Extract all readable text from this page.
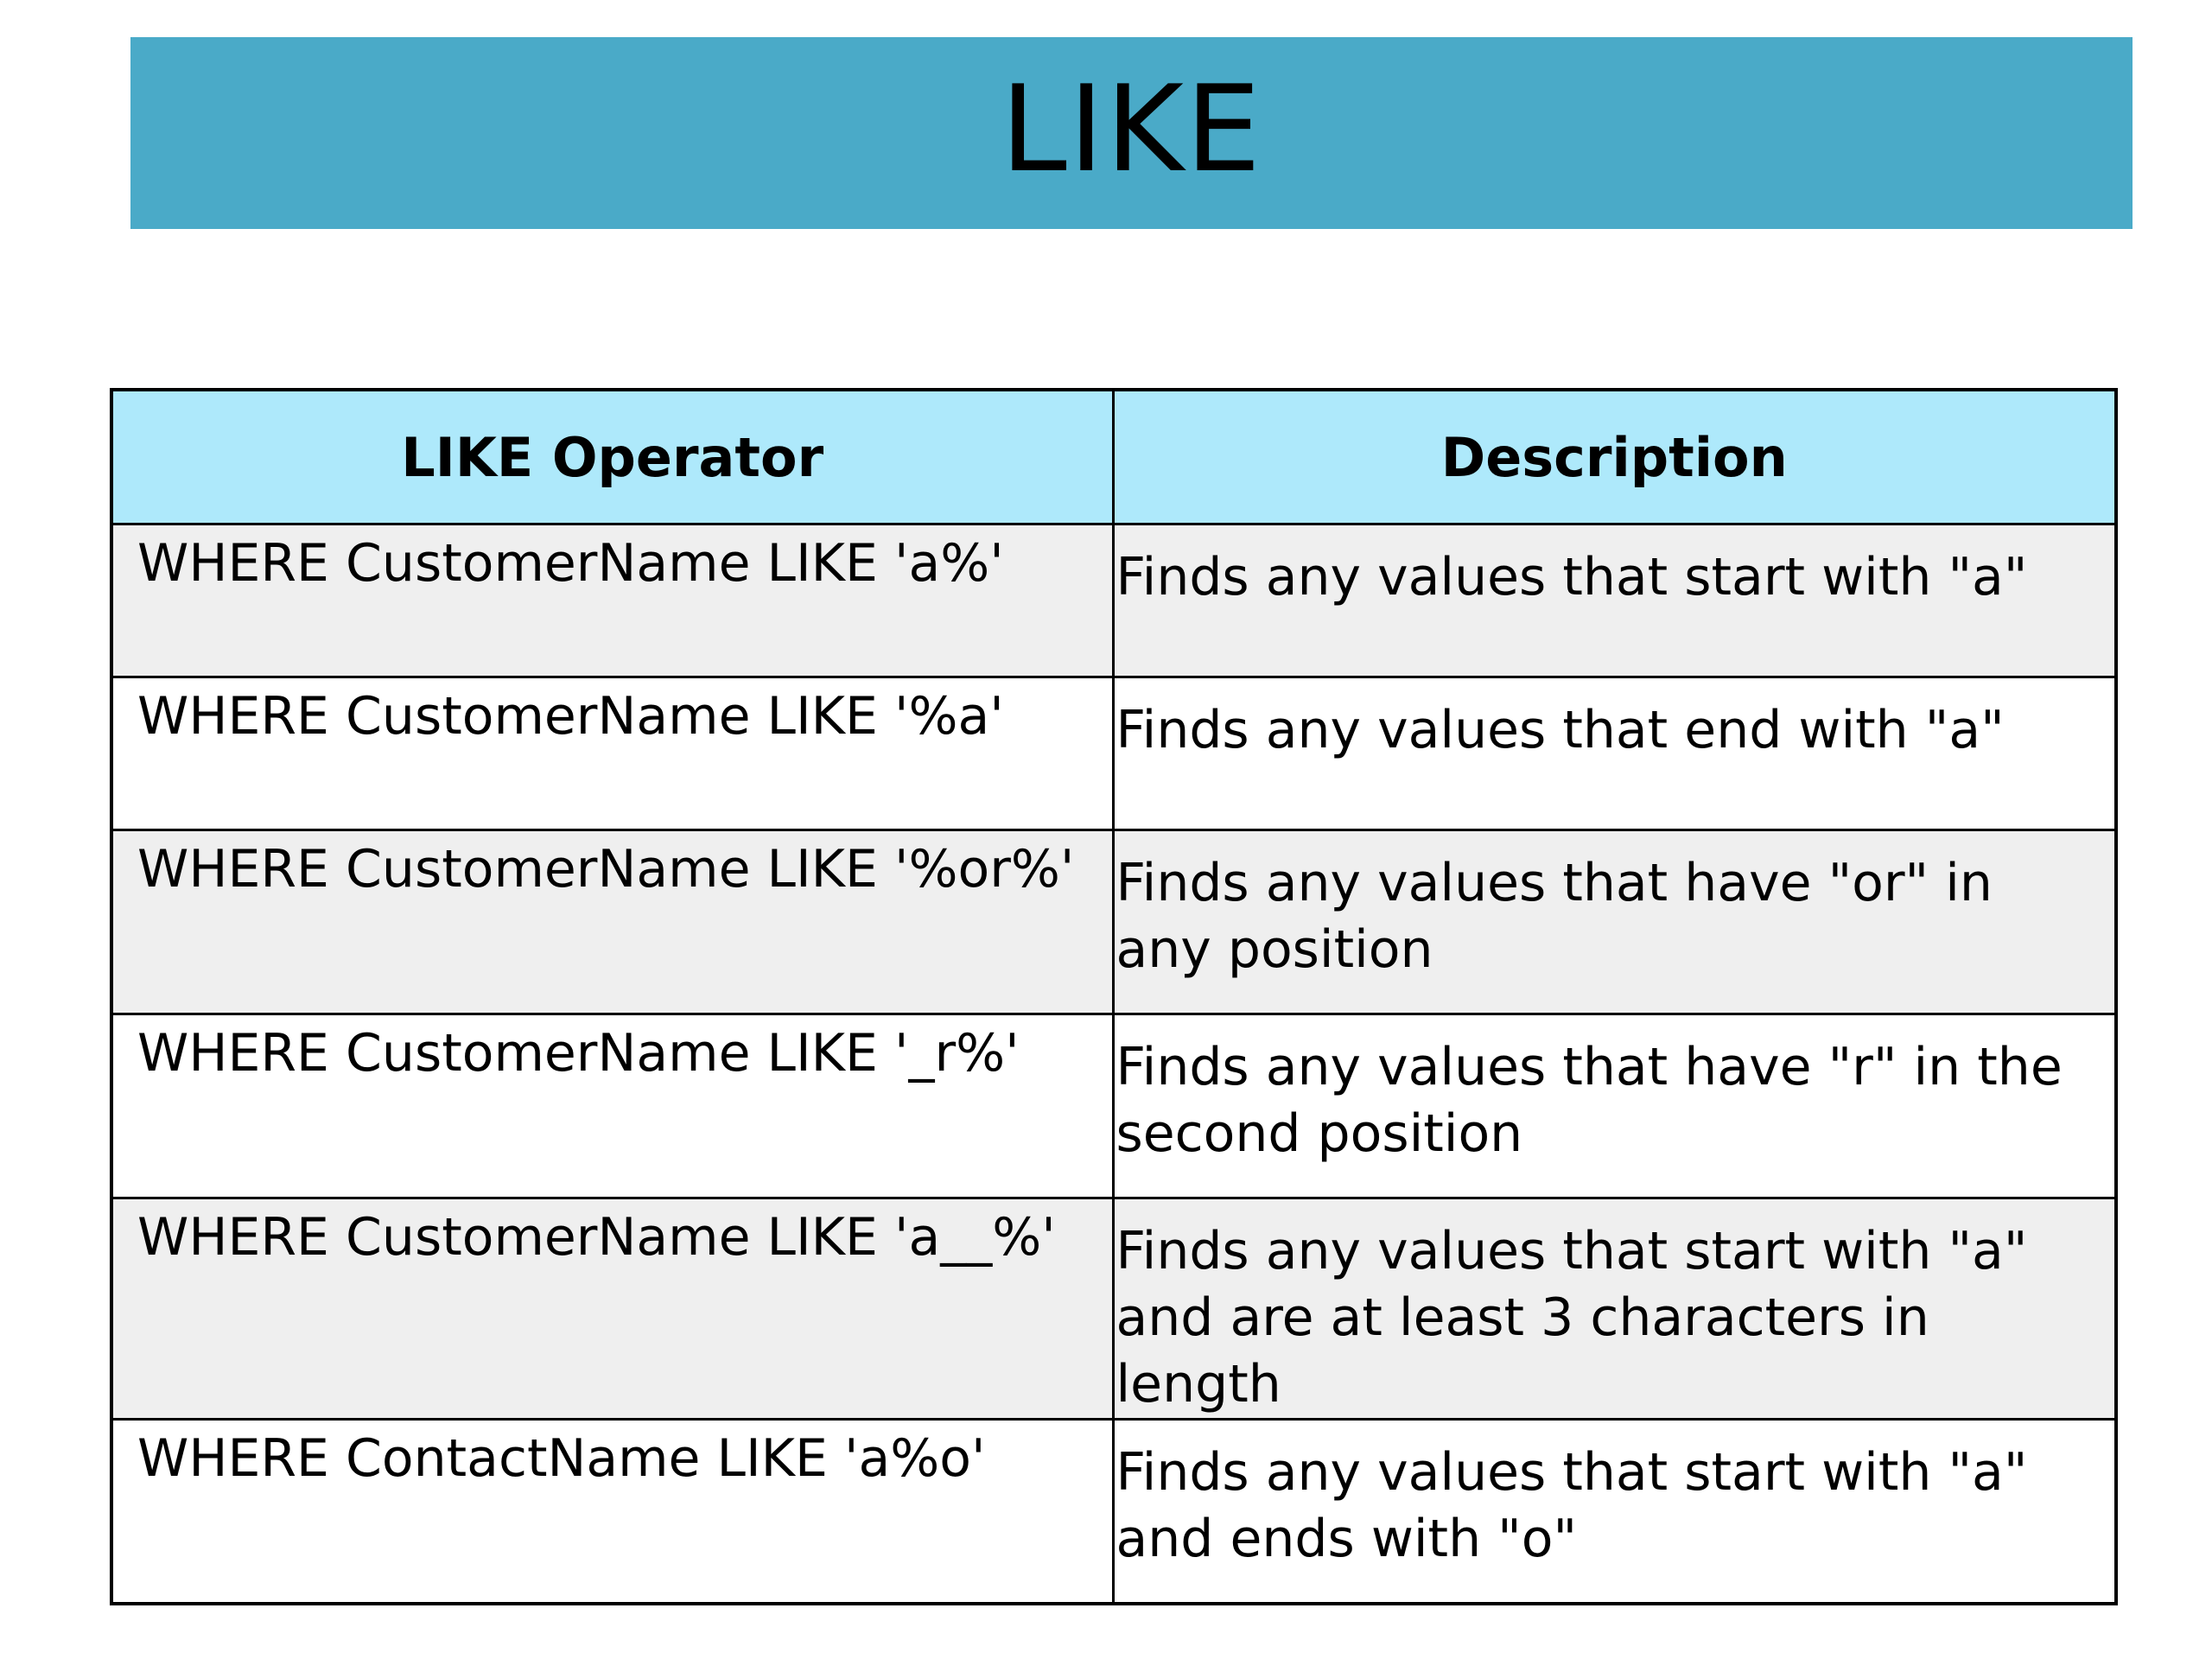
LIKE
LIKE Operator	Description
WHERE CustomerName LIKE 'a%'	Finds any values that start with "a"
WHERE CustomerName LIKE '%a'	Finds any values that end with "a"
WHERE CustomerName LIKE '%or%'	Finds any values that have "or" in any position
WHERE CustomerName LIKE '_r%'	Finds any values that have "r" in the second position
WHERE CustomerName LIKE 'a__%'	Finds any values that start with "a" and are at least 3 characters in length
WHERE ContactName LIKE 'a%o'	Finds any values that start with "a" and ends with "o"
